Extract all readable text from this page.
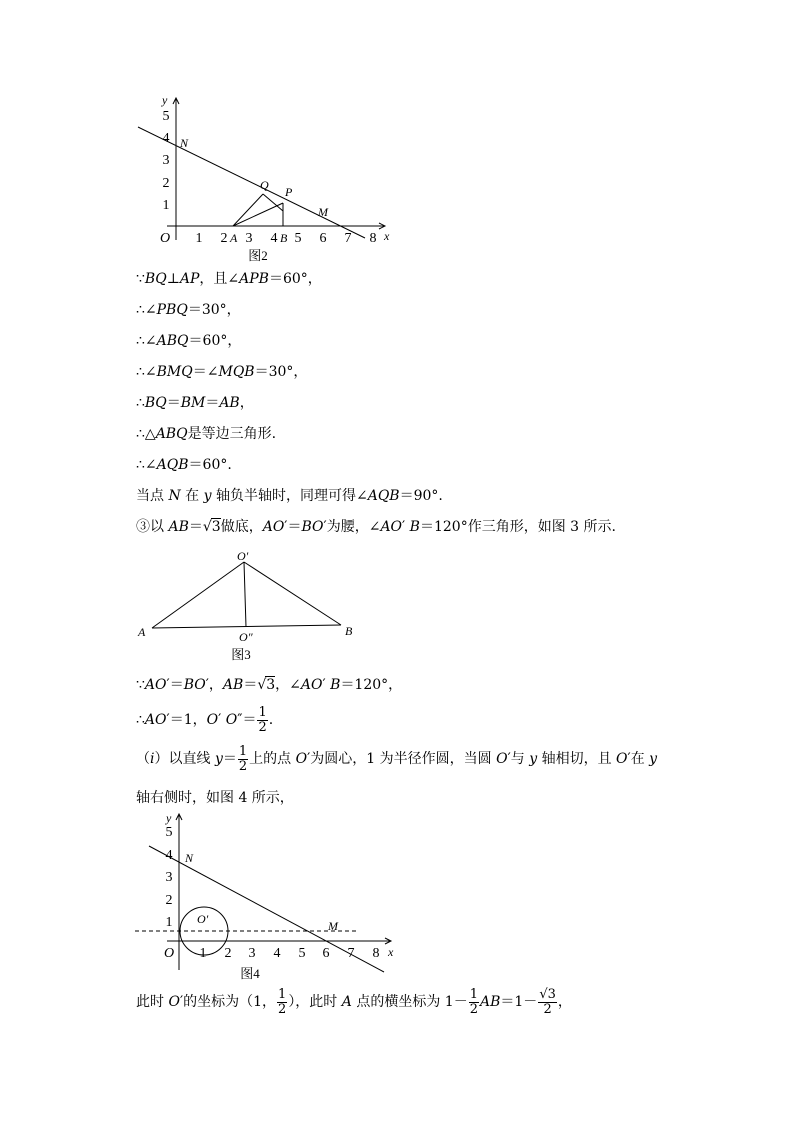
1
2
3
4
5
1 2 3 4 5 6 7 8
O
y
x
N
Q P
M
A	B
图2
∵BQ⊥AP，且∠APB＝60°，
∴∠PBQ＝30°，
∴∠ABQ＝60°，
∴∠BMQ＝∠MQB＝30°，
∴BQ＝BM＝AB，
∴△ABQ是等边三角形.
∴∠AQB＝60°.
当点 N 在 y 轴负半轴时，同理可得∠AQB＝90°.
③以 AB＝√3做底，AO′＝BO′为腰，∠AO′ B＝120°作三角形，如图 3 所示.
O′
A	B
O″
图3
∵AO′＝BO′，AB＝√3，∠AO′ B＝120°，
∴AO′＝1，O′ $O''= \frac{1}{2}$ .
（i）以直线 $y= \frac{1}{2}$ 上的点 O′为圆心，1 为半径作圆，当圆 O′与 y 轴相切，且 O′在 y
轴右侧时，如图 4 所示，
1
2
3
4
5
1 2 3 4 5 6 7 8
O
y
x
N
M
O′
图4
此时 O′的坐标为（1， $\frac{1}{2}$ ），此时 A 点的横坐标为 $1- \frac{1}{2} AB=1- \frac{√3}{2}$ ，
